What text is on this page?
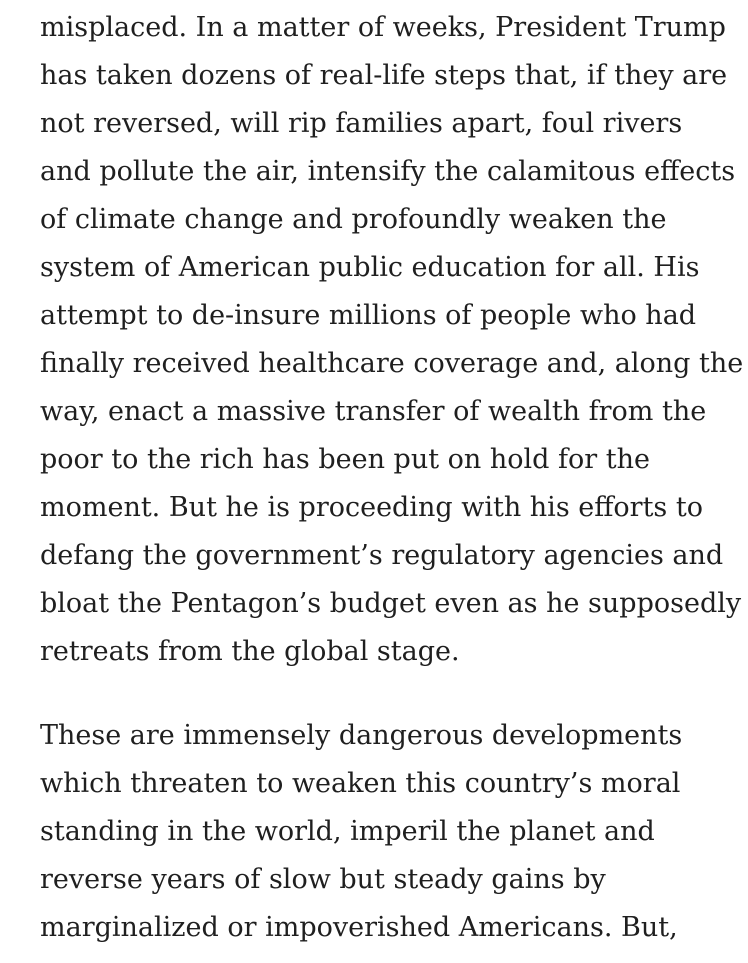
misplaced. In a matter of weeks, President Trump
has taken dozens of real-life steps that, if they are
not reversed, will rip families apart, foul rivers
and pollute the air, intensify the calamitous effects
of climate change and profoundly weaken the
system of American public education for all. His
attempt to de-insure millions of people who had
finally received healthcare coverage and, along the
way, enact a massive transfer of wealth from the
poor to the rich has been put on hold for the
moment. But he is proceeding with his efforts to
defang the government’s regulatory agencies and
bloat the Pentagon’s budget even as he supposedly
retreats from the global stage.

These are immensely dangerous developments
which threaten to weaken this country’s moral
standing in the world, imperil the planet and
reverse years of slow but steady gains by
marginalized or impoverished Americans. But,
